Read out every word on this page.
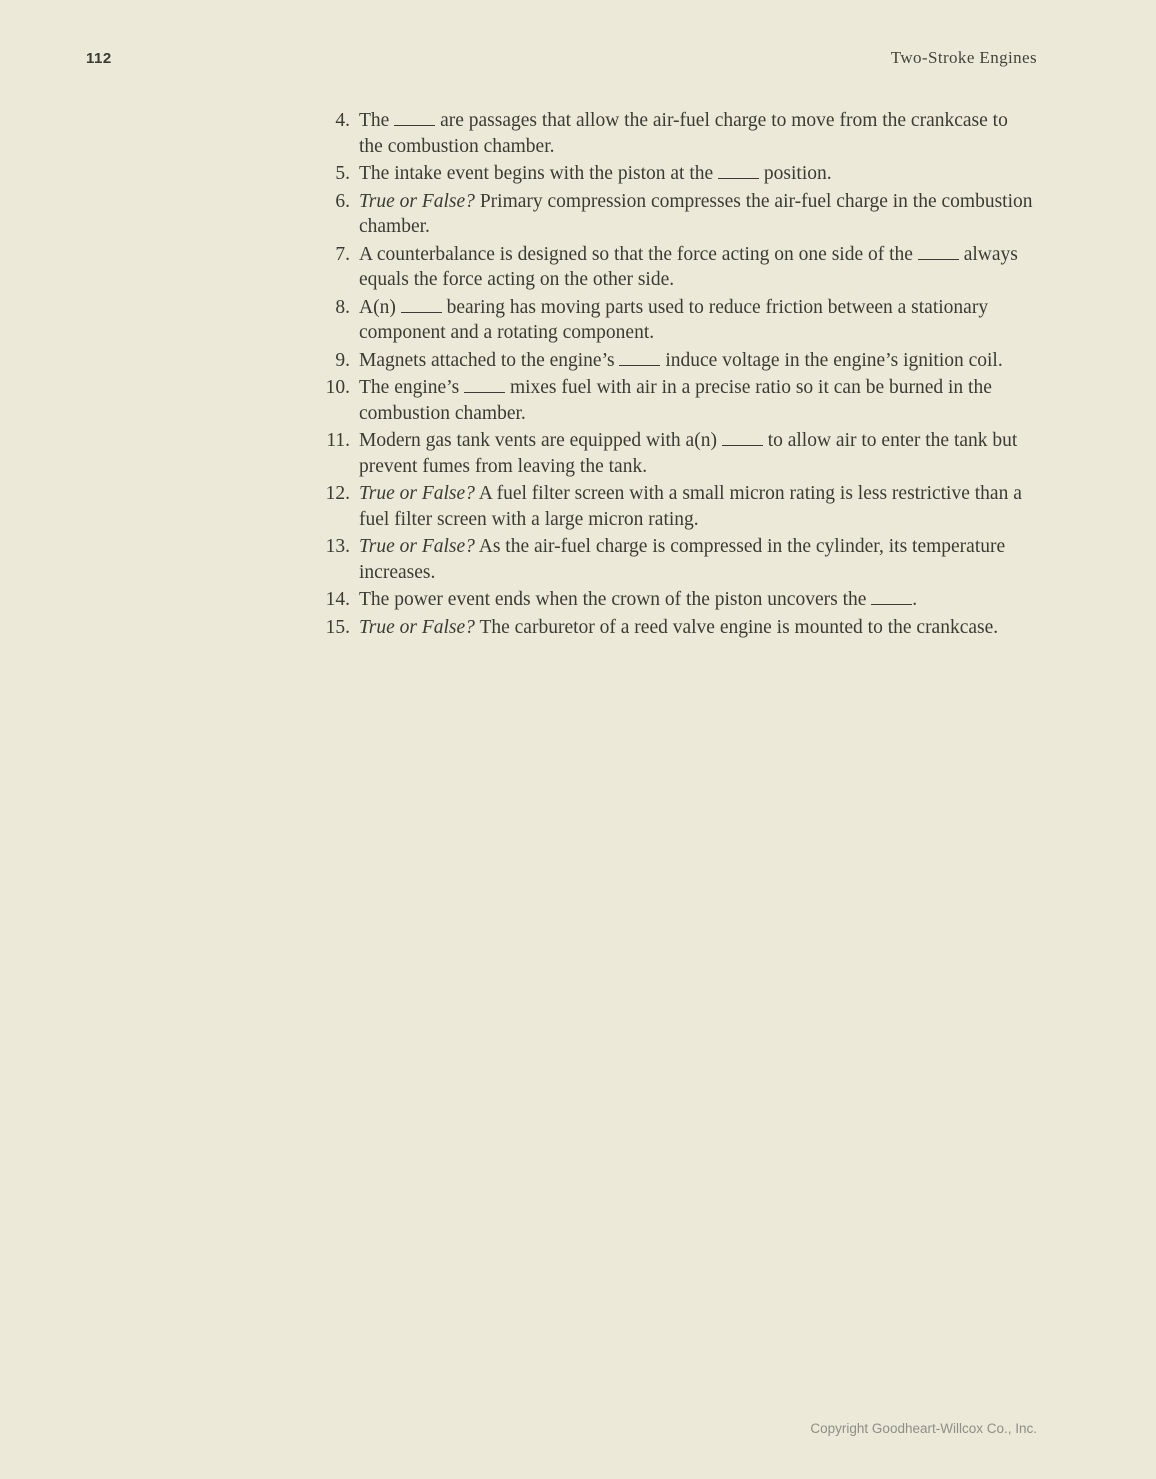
112	Two-Stroke Engines
4. The  are passages that allow the air-fuel charge to move from the crankcase to the combustion chamber.
5. The intake event begins with the piston at the  position.
6. True or False? Primary compression compresses the air-fuel charge in the combustion chamber.
7. A counterbalance is designed so that the force acting on one side of the  always equals the force acting on the other side.
8. A(n)  bearing has moving parts used to reduce friction between a stationary component and a rotating component.
9. Magnets attached to the engine’s  induce voltage in the engine’s ignition coil.
10. The engine’s  mixes fuel with air in a precise ratio so it can be burned in the combustion chamber.
11. Modern gas tank vents are equipped with a(n)  to allow air to enter the tank but prevent fumes from leaving the tank.
12. True or False? A fuel filter screen with a small micron rating is less restrictive than a fuel filter screen with a large micron rating.
13. True or False? As the air-fuel charge is compressed in the cylinder, its temperature increases.
14. The power event ends when the crown of the piston uncovers the .
15. True or False? The carburetor of a reed valve engine is mounted to the crankcase.
Copyright Goodheart-Willcox Co., Inc.
